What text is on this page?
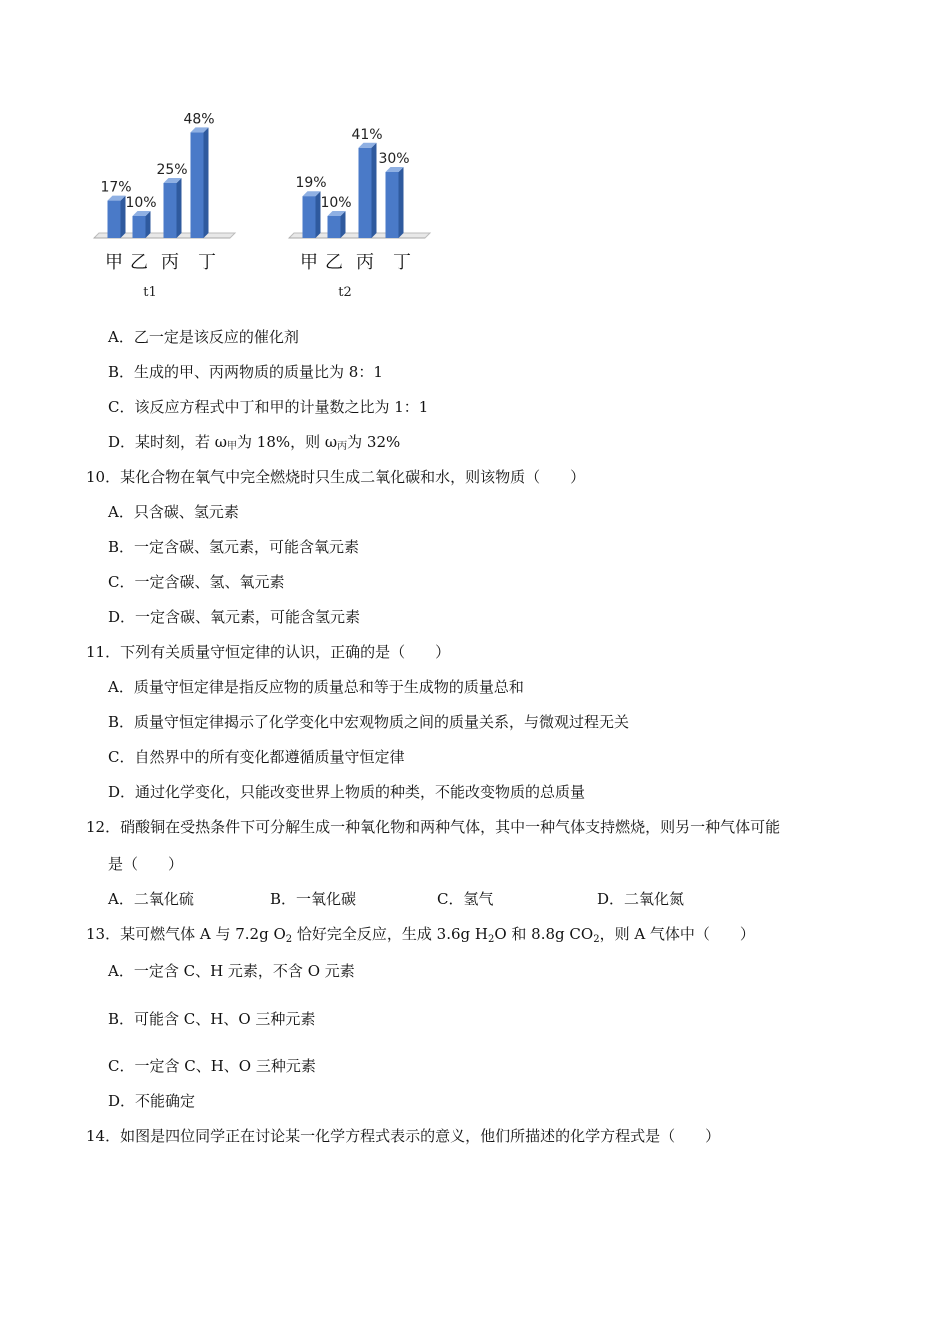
17%
甲
10%
乙
25%
丙
48%
丁
t1
19%
甲
10%
乙
41%
丙
30%
丁
t2
A．乙一定是该反应的催化剂
B．生成的甲、丙两物质的质量比为 8：1
C．该反应方程式中丁和甲的计量数之比为 1：1
D．某时刻，若 ω甲为 18%，则 ω丙为 32%
10．某化合物在氧气中完全燃烧时只生成二氧化碳和水，则该物质（　　）
A．只含碳、氢元素
B．一定含碳、氢元素，可能含氧元素
C．一定含碳、氢、氧元素
D．一定含碳、氧元素，可能含氢元素
11．下列有关质量守恒定律的认识，正确的是（　　）
A．质量守恒定律是指反应物的质量总和等于生成物的质量总和
B．质量守恒定律揭示了化学变化中宏观物质之间的质量关系，与微观过程无关
C．自然界中的所有变化都遵循质量守恒定律
D．通过化学变化，只能改变世界上物质的种类，不能改变物质的总质量
12．硝酸铜在受热条件下可分解生成一种氧化物和两种气体，其中一种气体支持燃烧，则另一种气体可能
是（　　）
A．二氧化硫	B．一氧化碳	C．氢气	D．二氧化氮
13．某可燃气体 A 与 7.2g $O_2$ 恰好完全反应，生成 3.6g $H_2O$ 和 8.8g $CO_2$，则 A 气体中（　　）
A．一定含 C、H 元素，不含 O 元素
B．可能含 C、H、O 三种元素
C．一定含 C、H、O 三种元素
D．不能确定
14．如图是四位同学正在讨论某一化学方程式表示的意义，他们所描述的化学方程式是（　　）
